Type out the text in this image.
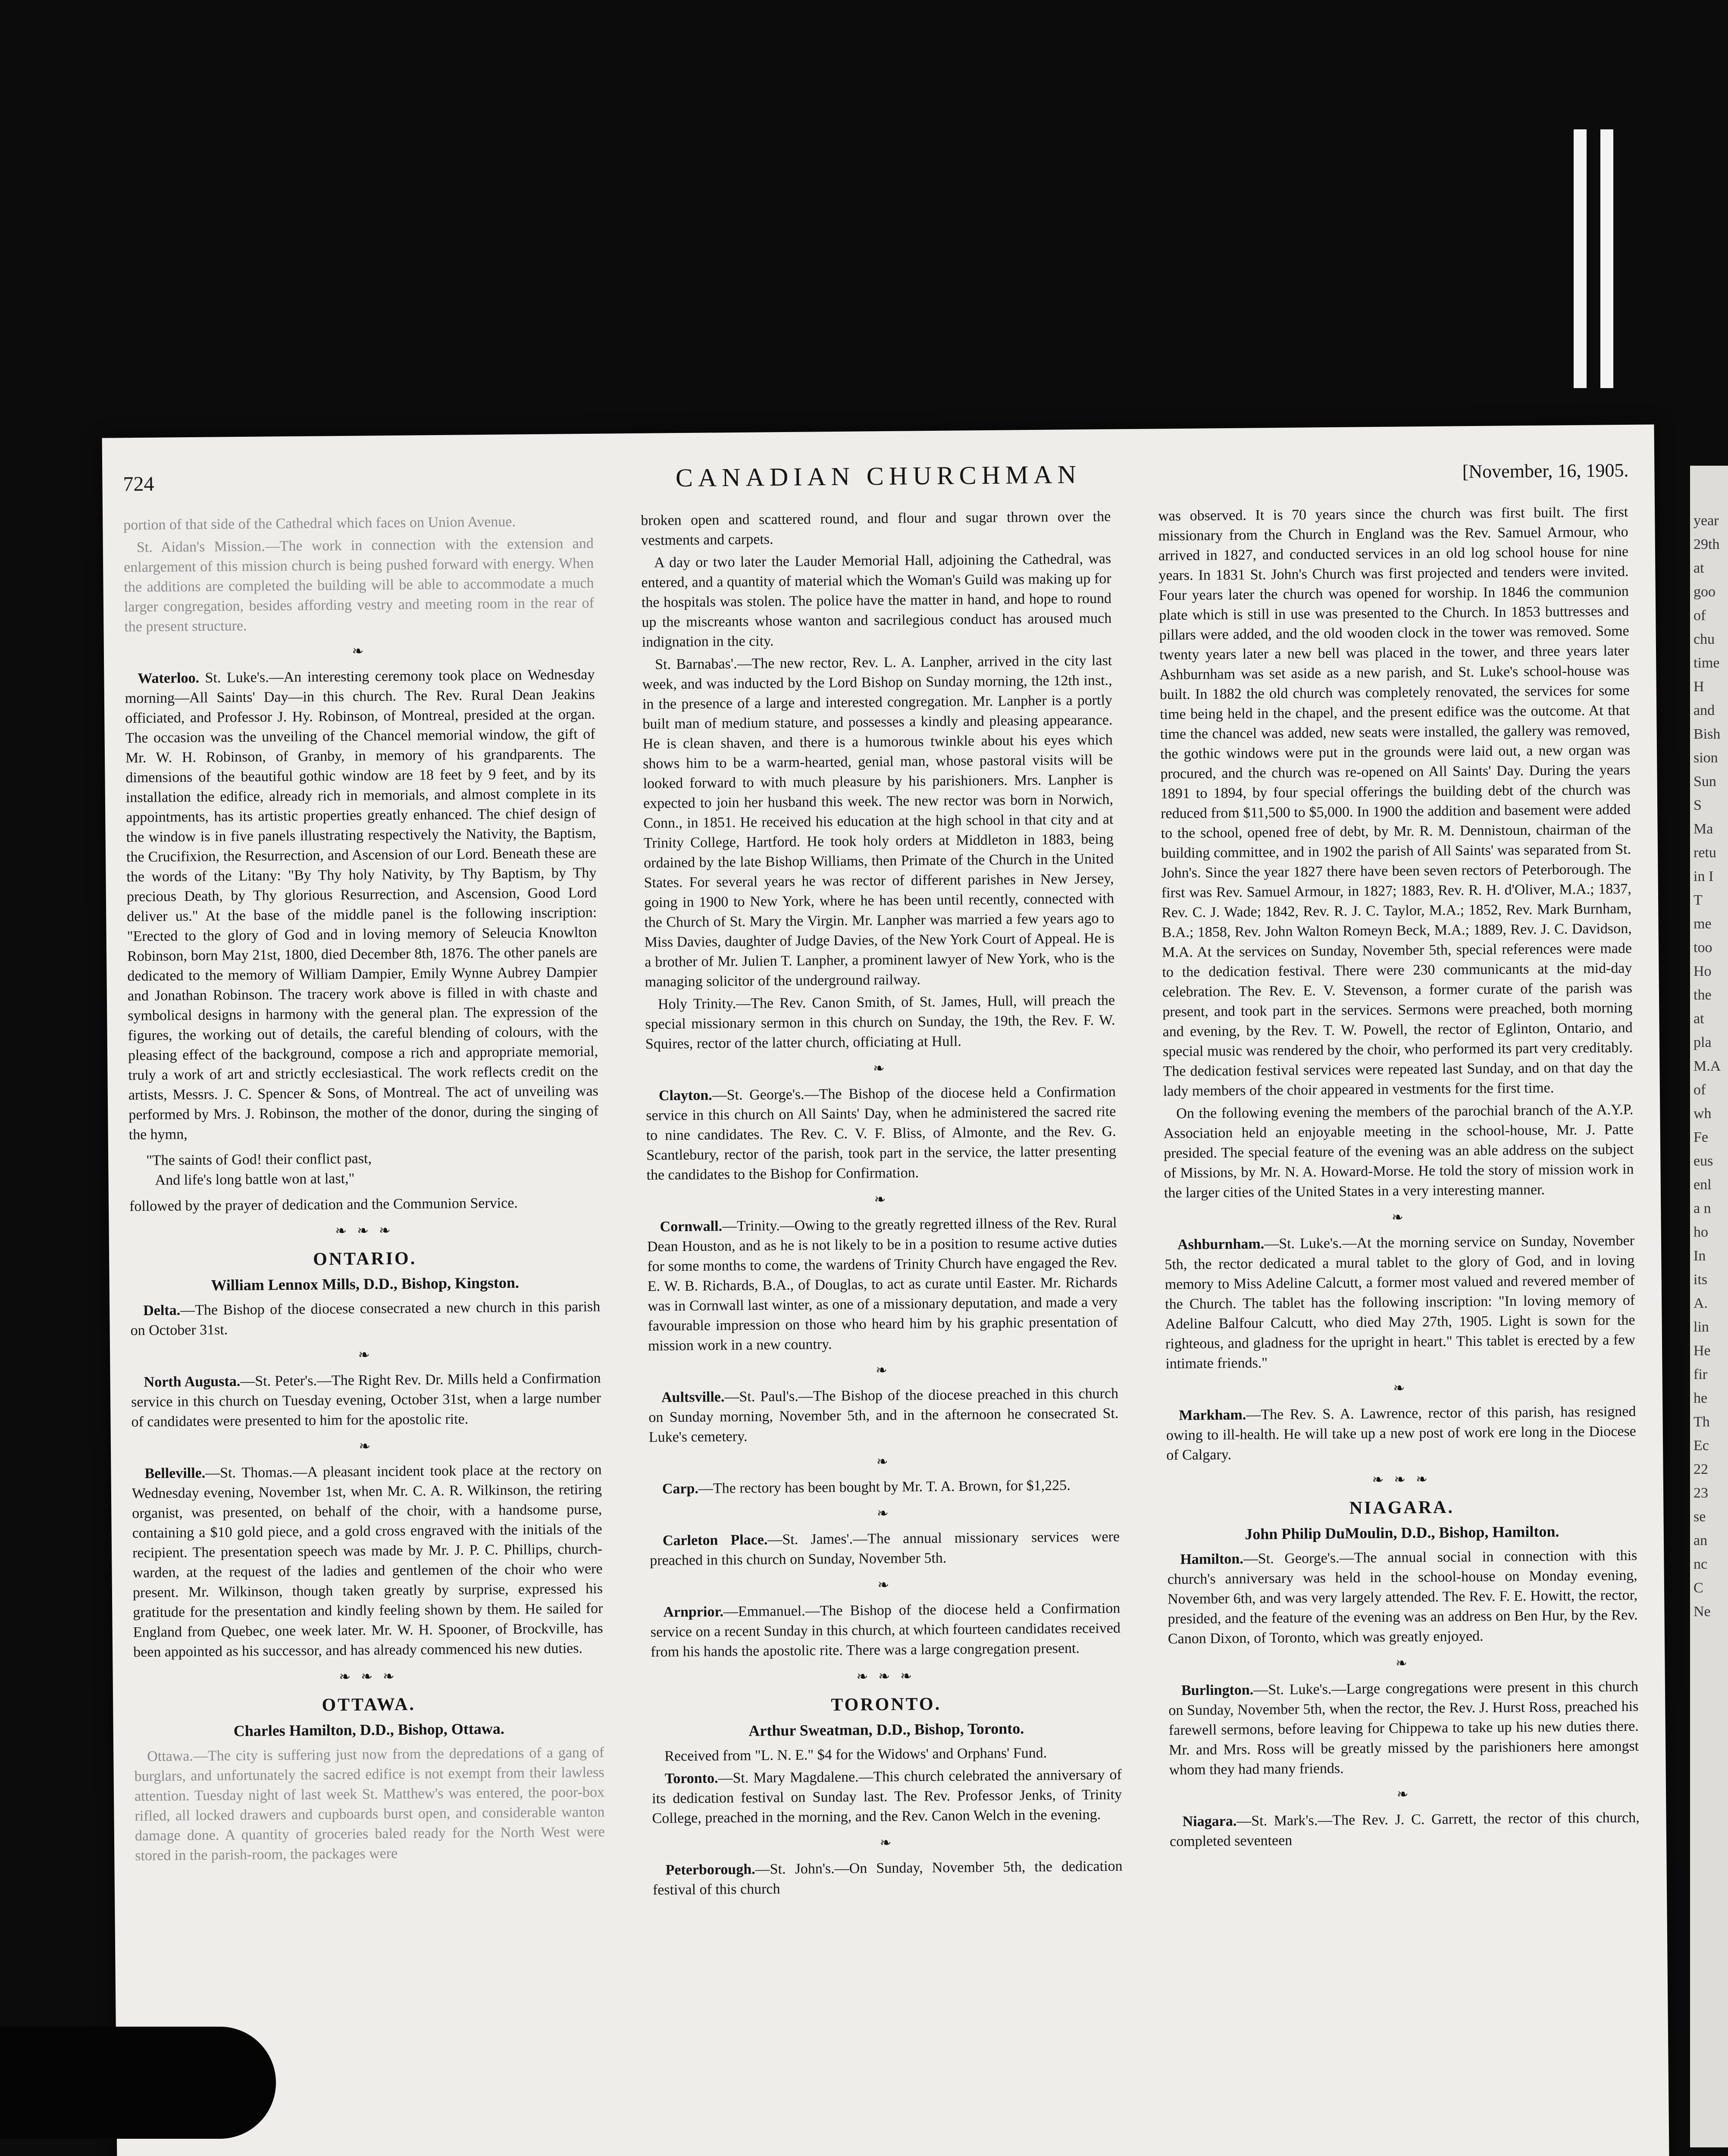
year
29th
at
goo
of
chu
time
H
and
Bish
sion
Sun
S
Ma
retu
in I
T
me
too
Ho
the
at
pla
M.A
of
wh
Fe
eus
enl
a n
ho
In
its
A.
lin
He
fir
he
Th
Ec
22
23
se
an
nc
C
Ne
724	CANADIAN CHURCHMAN	[November, 16, 1905.

portion of that side of the Cathedral which faces on Union Avenue.

St. Aidan's Mission.—The work in connection with the extension and enlargement of this mission church is being pushed forward with energy. When the additions are completed the building will be able to accommodate a much larger congregation, besides affording vestry and meeting room in the rear of the present structure.

❧

Waterloo. St. Luke's.—An interesting ceremony took place on Wednesday morning—All Saints' Day—in this church. The Rev. Rural Dean Jeakins officiated, and Professor J. Hy. Robinson, of Montreal, presided at the organ. The occasion was the unveiling of the Chancel memorial window, the gift of Mr. W. H. Robinson, of Granby, in memory of his grandparents. The dimensions of the beautiful gothic window are 18 feet by 9 feet, and by its installation the edifice, already rich in memorials, and almost complete in its appointments, has its artistic properties greatly enhanced. The chief design of the window is in five panels illustrating respectively the Nativity, the Baptism, the Crucifixion, the Resurrection, and Ascension of our Lord. Beneath these are the words of the Litany: "By Thy holy Nativity, by Thy Baptism, by Thy precious Death, by Thy glorious Resurrection, and Ascension, Good Lord deliver us." At the base of the middle panel is the following inscription: "Erected to the glory of God and in loving memory of Seleucia Knowlton Robinson, born May 21st, 1800, died December 8th, 1876. The other panels are dedicated to the memory of William Dampier, Emily Wynne Aubrey Dampier and Jonathan Robinson. The tracery work above is filled in with chaste and symbolical designs in harmony with the general plan. The expression of the figures, the working out of details, the careful blending of colours, with the pleasing effect of the background, compose a rich and appropriate memorial, truly a work of art and strictly ecclesiastical. The work reflects credit on the artists, Messrs. J. C. Spencer & Sons, of Montreal. The act of unveiling was performed by Mrs. J. Robinson, the mother of the donor, during the singing of the hymn,

"The saints of God! their conflict past,
And life's long battle won at last,"

followed by the prayer of dedication and the Communion Service.

❧ ❧ ❧
ONTARIO.
William Lennox Mills, D.D., Bishop, Kingston.

Delta.—The Bishop of the diocese consecrated a new church in this parish on October 31st.

❧

North Augusta.—St. Peter's.—The Right Rev. Dr. Mills held a Confirmation service in this church on Tuesday evening, October 31st, when a large number of candidates were presented to him for the apostolic rite.

❧

Belleville.—St. Thomas.—A pleasant incident took place at the rectory on Wednesday evening, November 1st, when Mr. C. A. R. Wilkinson, the retiring organist, was presented, on behalf of the choir, with a handsome purse, containing a $10 gold piece, and a gold cross engraved with the initials of the recipient. The presentation speech was made by Mr. J. P. C. Phillips, church-warden, at the request of the ladies and gentlemen of the choir who were present. Mr. Wilkinson, though taken greatly by surprise, expressed his gratitude for the presentation and kindly feeling shown by them. He sailed for England from Quebec, one week later. Mr. W. H. Spooner, of Brockville, has been appointed as his successor, and has already commenced his new duties.

❧ ❧ ❧
OTTAWA.
Charles Hamilton, D.D., Bishop, Ottawa.

Ottawa.—The city is suffering just now from the depredations of a gang of burglars, and unfortunately the sacred edifice is not exempt from their lawless attention. Tuesday night of last week St. Matthew's was entered, the poor-box rifled, all locked drawers and cupboards burst open, and considerable wanton damage done. A quantity of groceries baled ready for the North West were stored in the parish-room, the packages were

broken open and scattered round, and flour and sugar thrown over the vestments and carpets.

A day or two later the Lauder Memorial Hall, adjoining the Cathedral, was entered, and a quantity of material which the Woman's Guild was making up for the hospitals was stolen. The police have the matter in hand, and hope to round up the miscreants whose wanton and sacrilegious conduct has aroused much indignation in the city.

St. Barnabas'.—The new rector, Rev. L. A. Lanpher, arrived in the city last week, and was inducted by the Lord Bishop on Sunday morning, the 12th inst., in the presence of a large and interested congregation. Mr. Lanpher is a portly built man of medium stature, and possesses a kindly and pleasing appearance. He is clean shaven, and there is a humorous twinkle about his eyes which shows him to be a warm-hearted, genial man, whose pastoral visits will be looked forward to with much pleasure by his parishioners. Mrs. Lanpher is expected to join her husband this week. The new rector was born in Norwich, Conn., in 1851. He received his education at the high school in that city and at Trinity College, Hartford. He took holy orders at Middleton in 1883, being ordained by the late Bishop Williams, then Primate of the Church in the United States. For several years he was rector of different parishes in New Jersey, going in 1900 to New York, where he has been until recently, connected with the Church of St. Mary the Virgin. Mr. Lanpher was married a few years ago to Miss Davies, daughter of Judge Davies, of the New York Court of Appeal. He is a brother of Mr. Julien T. Lanpher, a prominent lawyer of New York, who is the managing solicitor of the underground railway.

Holy Trinity.—The Rev. Canon Smith, of St. James, Hull, will preach the special missionary sermon in this church on Sunday, the 19th, the Rev. F. W. Squires, rector of the latter church, officiating at Hull.

❧

Clayton.—St. George's.—The Bishop of the diocese held a Confirmation service in this church on All Saints' Day, when he administered the sacred rite to nine candidates. The Rev. C. V. F. Bliss, of Almonte, and the Rev. G. Scantlebury, rector of the parish, took part in the service, the latter presenting the candidates to the Bishop for Confirmation.

❧

Cornwall.—Trinity.—Owing to the greatly regretted illness of the Rev. Rural Dean Houston, and as he is not likely to be in a position to resume active duties for some months to come, the wardens of Trinity Church have engaged the Rev. E. W. B. Richards, B.A., of Douglas, to act as curate until Easter. Mr. Richards was in Cornwall last winter, as one of a missionary deputation, and made a very favourable impression on those who heard him by his graphic presentation of mission work in a new country.

❧

Aultsville.—St. Paul's.—The Bishop of the diocese preached in this church on Sunday morning, November 5th, and in the afternoon he consecrated St. Luke's cemetery.

❧

Carp.—The rectory has been bought by Mr. T. A. Brown, for $1,225.

❧

Carleton Place.—St. James'.—The annual missionary services were preached in this church on Sunday, November 5th.

❧

Arnprior.—Emmanuel.—The Bishop of the diocese held a Confirmation service on a recent Sunday in this church, at which fourteen candidates received from his hands the apostolic rite. There was a large congregation present.

❧ ❧ ❧
TORONTO.
Arthur Sweatman, D.D., Bishop, Toronto.

Received from "L. N. E." $4 for the Widows' and Orphans' Fund.

Toronto.—St. Mary Magdalene.—This church celebrated the anniversary of its dedication festival on Sunday last. The Rev. Professor Jenks, of Trinity College, preached in the morning, and the Rev. Canon Welch in the evening.

❧

Peterborough.—St. John's.—On Sunday, November 5th, the dedication festival of this church

was observed. It is 70 years since the church was first built. The first missionary from the Church in England was the Rev. Samuel Armour, who arrived in 1827, and conducted services in an old log school house for nine years. In 1831 St. John's Church was first projected and tenders were invited. Four years later the church was opened for worship. In 1846 the communion plate which is still in use was presented to the Church. In 1853 buttresses and pillars were added, and the old wooden clock in the tower was removed. Some twenty years later a new bell was placed in the tower, and three years later Ashburnham was set aside as a new parish, and St. Luke's school-house was built. In 1882 the old church was completely renovated, the services for some time being held in the chapel, and the present edifice was the outcome. At that time the chancel was added, new seats were installed, the gallery was removed, the gothic windows were put in the grounds were laid out, a new organ was procured, and the church was re-opened on All Saints' Day. During the years 1891 to 1894, by four special offerings the building debt of the church was reduced from $11,500 to $5,000. In 1900 the addition and basement were added to the school, opened free of debt, by Mr. R. M. Dennistoun, chairman of the building committee, and in 1902 the parish of All Saints' was separated from St. John's. Since the year 1827 there have been seven rectors of Peterborough. The first was Rev. Samuel Armour, in 1827; 1883, Rev. R. H. d'Oliver, M.A.; 1837, Rev. C. J. Wade; 1842, Rev. R. J. C. Taylor, M.A.; 1852, Rev. Mark Burnham, B.A.; 1858, Rev. John Walton Romeyn Beck, M.A.; 1889, Rev. J. C. Davidson, M.A. At the services on Sunday, November 5th, special references were made to the dedication festival. There were 230 communicants at the mid-day celebration. The Rev. E. V. Stevenson, a former curate of the parish was present, and took part in the services. Sermons were preached, both morning and evening, by the Rev. T. W. Powell, the rector of Eglinton, Ontario, and special music was rendered by the choir, who performed its part very creditably. The dedication festival services were repeated last Sunday, and on that day the lady members of the choir appeared in vestments for the first time.

On the following evening the members of the parochial branch of the A.Y.P. Association held an enjoyable meeting in the school-house, Mr. J. Patte presided. The special feature of the evening was an able address on the subject of Missions, by Mr. N. A. Howard-Morse. He told the story of mission work in the larger cities of the United States in a very interesting manner.

❧

Ashburnham.—St. Luke's.—At the morning service on Sunday, November 5th, the rector dedicated a mural tablet to the glory of God, and in loving memory to Miss Adeline Calcutt, a former most valued and revered member of the Church. The tablet has the following inscription: "In loving memory of Adeline Balfour Calcutt, who died May 27th, 1905. Light is sown for the righteous, and gladness for the upright in heart." This tablet is erected by a few intimate friends."

❧

Markham.—The Rev. S. A. Lawrence, rector of this parish, has resigned owing to ill-health. He will take up a new post of work ere long in the Diocese of Calgary.

❧ ❧ ❧
NIAGARA.
John Philip DuMoulin, D.D., Bishop, Hamilton.

Hamilton.—St. George's.—The annual social in connection with this church's anniversary was held in the school-house on Monday evening, November 6th, and was very largely attended. The Rev. F. E. Howitt, the rector, presided, and the feature of the evening was an address on Ben Hur, by the Rev. Canon Dixon, of Toronto, which was greatly enjoyed.

❧

Burlington.—St. Luke's.—Large congregations were present in this church on Sunday, November 5th, when the rector, the Rev. J. Hurst Ross, preached his farewell sermons, before leaving for Chippewa to take up his new duties there. Mr. and Mrs. Ross will be greatly missed by the parishioners here amongst whom they had many friends.

❧

Niagara.—St. Mark's.—The Rev. J. C. Garrett, the rector of this church, completed seventeen
